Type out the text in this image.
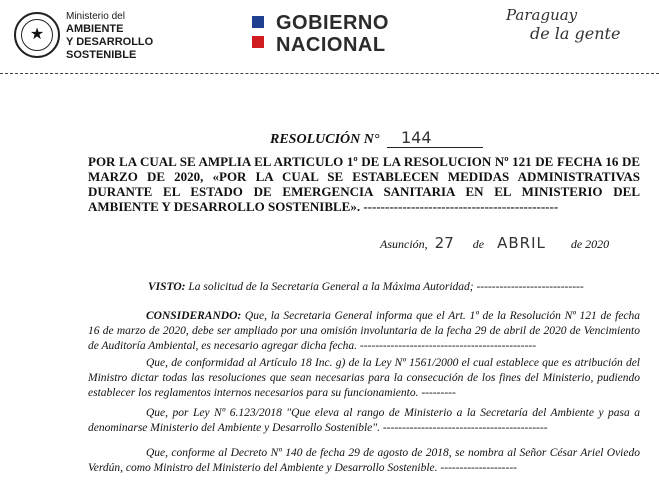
★
Ministerio del
AMBIENTE
Y DESARROLLO
SOSTENIBLE
GOBIERNO
NACIONAL
Paraguay
de la gente
RESOLUCIÓN N° 144
POR LA CUAL SE AMPLIA EL ARTICULO 1º DE LA RESOLUCION Nº 121 DE FECHA 16 DE MARZO DE 2020, «POR LA CUAL SE ESTABLECEN MEDIDAS ADMINISTRATIVAS DURANTE EL ESTADO DE EMERGENCIA SANITARIA EN EL MINISTERIO DEL AMBIENTE Y DESARROLLO SOSTENIBLE». ---------------------------------------------
Asunción, 27 de ABRIL de 2020
VISTO: La solicitud de la Secretaria General a la Máxima Autoridad; ----------------------------
CONSIDERANDO: Que, la Secretaria General informa que el Art. 1º de la Resolución Nº 121 de fecha 16 de marzo de 2020, debe ser ampliado por una omisión involuntaria de la fecha 29 de abril de 2020 de Vencimiento de Auditoría Ambiental, es necesario agregar dicha fecha. ----------------------------------------------
Que, de conformidad al Artículo 18 Inc. g) de la Ley Nº 1561/2000 el cual establece que es atribución del Ministro dictar todas las resoluciones que sean necesarias para la consecución de los fines del Ministerio, pudiendo establecer los reglamentos internos necesarios para su funcionamiento. ---------
Que, por Ley Nº 6.123/2018 "Que eleva al rango de Ministerio a la Secretaría del Ambiente y pasa a denominarse Ministerio del Ambiente y Desarrollo Sostenible". -------------------------------------------
Que, conforme al Decreto Nº 140 de fecha 29 de agosto de 2018, se nombra al Señor César Ariel Oviedo Verdún, como Ministro del Ministerio del Ambiente y Desarrollo Sostenible. --------------------
